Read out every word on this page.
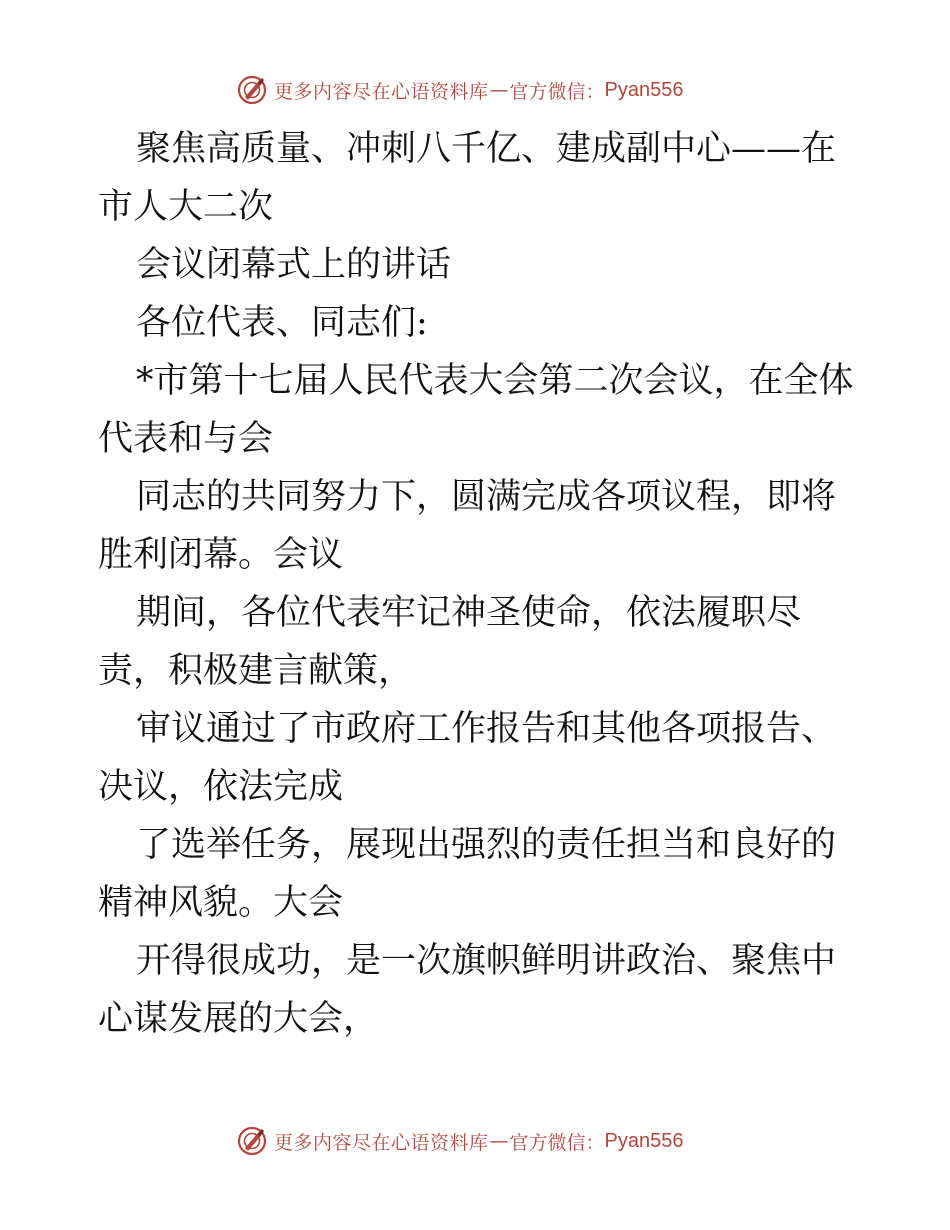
更多内容尽在心语资料库 — 官方微信： Pyan556

聚焦高质量、冲刺八千亿、建成副中心——在市人大二次

会议闭幕式上的讲话

各位代表、同志们:

*市第十七届人民代表大会第二次会议，在全体代表和与会

同志的共同努力下，圆满完成各项议程，即将胜利闭幕。会议

期间，各位代表牢记神圣使命，依法履职尽责，积极建言献策，

审议通过了市政府工作报告和其他各项报告、决议，依法完成

了选举任务，展现出强烈的责任担当和良好的精神风貌。大会

开得很成功，是一次旗帜鲜明讲政治、聚焦中心谋发展的大会，

更多内容尽在心语资料库 — 官方微信： Pyan556
